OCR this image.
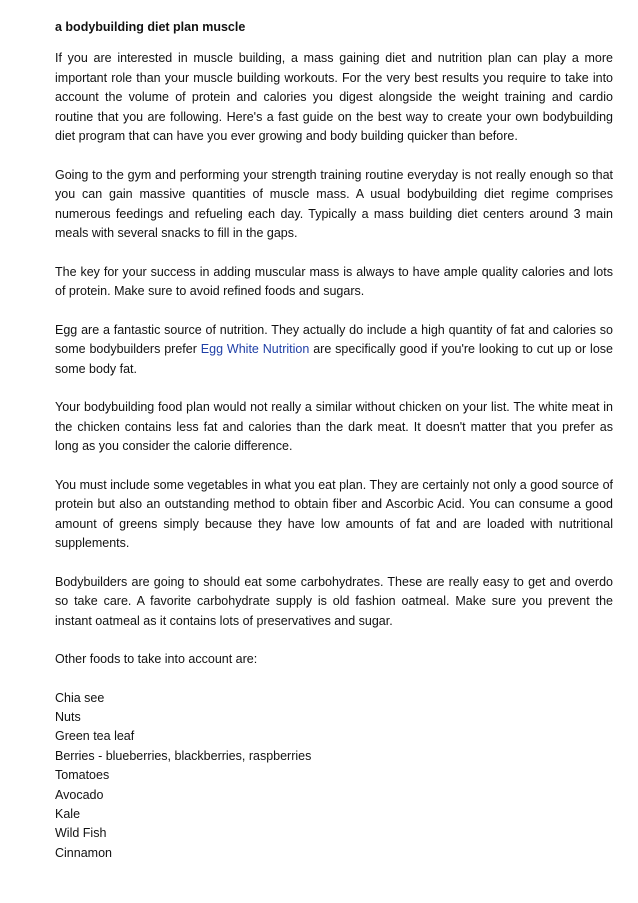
a bodybuilding diet plan muscle

If you are interested in muscle building, a mass gaining diet and nutrition plan can play a more important role than your muscle building workouts. For the very best results you require to take into account the volume of protein and calories you digest alongside the weight training and cardio routine that you are following. Here's a fast guide on the best way to create your own bodybuilding diet program that can have you ever growing and body building quicker than before.

Going to the gym and performing your strength training routine everyday is not really enough so that you can gain massive quantities of muscle mass. A usual bodybuilding diet regime comprises numerous feedings and refueling each day. Typically a mass building diet centers around 3 main meals with several snacks to fill in the gaps.

The key for your success in adding muscular mass is always to have ample quality calories and lots of protein. Make sure to avoid refined foods and sugars.

Egg are a fantastic source of nutrition. They actually do include a high quantity of fat and calories so some bodybuilders prefer Egg White Nutrition are specifically good if you're looking to cut up or lose some body fat.

Your bodybuilding food plan would not really a similar without chicken on your list. The white meat in the chicken contains less fat and calories than the dark meat. It doesn't matter that you prefer as long as you consider the calorie difference.

You must include some vegetables in what you eat plan. They are certainly not only a good source of protein but also an outstanding method to obtain fiber and Ascorbic Acid. You can consume a good amount of greens simply because they have low amounts of fat and are loaded with nutritional supplements.

Bodybuilders are going to should eat some carbohydrates. These are really easy to get and overdo so take care. A favorite carbohydrate supply is old fashion oatmeal. Make sure you prevent the instant oatmeal as it contains lots of preservatives and sugar.

Other foods to take into account are:

Chia see
Nuts
Green tea leaf
Berries - blueberries, blackberries, raspberries
Tomatoes
Avocado
Kale
Wild Fish
Cinnamon
